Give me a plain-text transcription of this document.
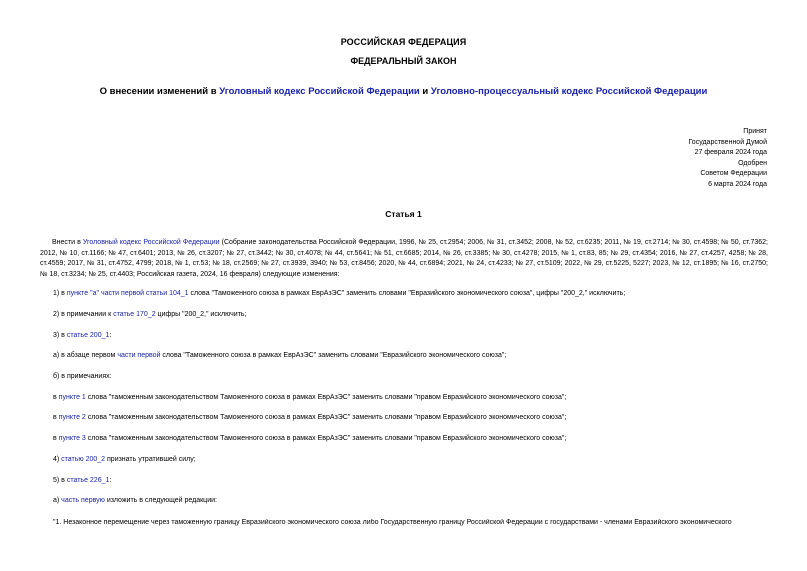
РОССИЙСКАЯ ФЕДЕРАЦИЯ
ФЕДЕРАЛЬНЫЙ ЗАКОН
О внесении изменений в Уголовный кодекс Российской Федерации и Уголовно-процессуальный кодекс Российской Федерации
Принят
Государственной Думой
27 февраля 2024 года
Одобрен
Советом Федерации
6 марта 2024 года
Статья 1
Внести в Уголовный кодекс Российской Федерации (Собрание законодательства Российской Федерации, 1996, № 25, ст.2954; 2006, № 31, ст.3452; 2008, № 52, ст.6235; 2011, № 19, ст.2714; № 30, ст.4598; № 50, ст.7362; 2012, № 10, ст.1166; № 47, ст.6401; 2013, № 26, ст.3207; № 27, ст.3442; № 30, ст.4078; № 44, ст.5641; № 51, ст.6685; 2014, № 26, ст.3385; № 30, ст.4278; 2015, № 1, ст.83, 85; № 29, ст.4354; 2016, № 27, ст.4257, 4258; № 28, ст.4559; 2017, № 31, ст.4752, 4799; 2018, № 1, ст.53; № 18, ст.2569; № 27, ст.3939, 3940; № 53, ст.8456; 2020, № 44, ст.6894; 2021, № 24, ст.4233; № 27, ст.5109; 2022, № 29, ст.5225, 5227; 2023, № 12, ст.1895; № 16, ст.2750; № 18, ст.3234; № 25, ст.4403; Российская газета, 2024, 16 февраля) следующие изменения:
1) в пункте "а" части первой статьи 104_1 слова "Таможенного союза в рамках ЕврАзЭС" заменить словами "Евразийского экономического союза", цифры "200_2," исключить;
2) в примечании к статье 170_2 цифры "200_2," исключить;
3) в статье 200_1:
а) в абзаце первом части первой слова "Таможенного союза в рамках ЕврАзЭС" заменить словами "Евразийского экономического союза";
б) в примечаниях:
в пункте 1 слова "таможенным законодательством Таможенного союза в рамках ЕврАзЭС" заменить словами "правом Евразийского экономического союза";
в пункте 2 слова "таможенным законодательством Таможенного союза в рамках ЕврАзЭС" заменить словами "правом Евразийского экономического союза";
в пункте 3 слова "таможенным законодательством Таможенного союза в рамках ЕврАзЭС" заменить словами "правом Евразийского экономического союза";
4) статью 200_2 признать утратившей силу;
5) в статье 226_1:
а) часть первую изложить в следующей редакции:
"1. Незаконное перемещение через таможенную границу Евразийского экономического союза либо Государственную границу Российской Федерации с государствами - членами Евразийского экономического
